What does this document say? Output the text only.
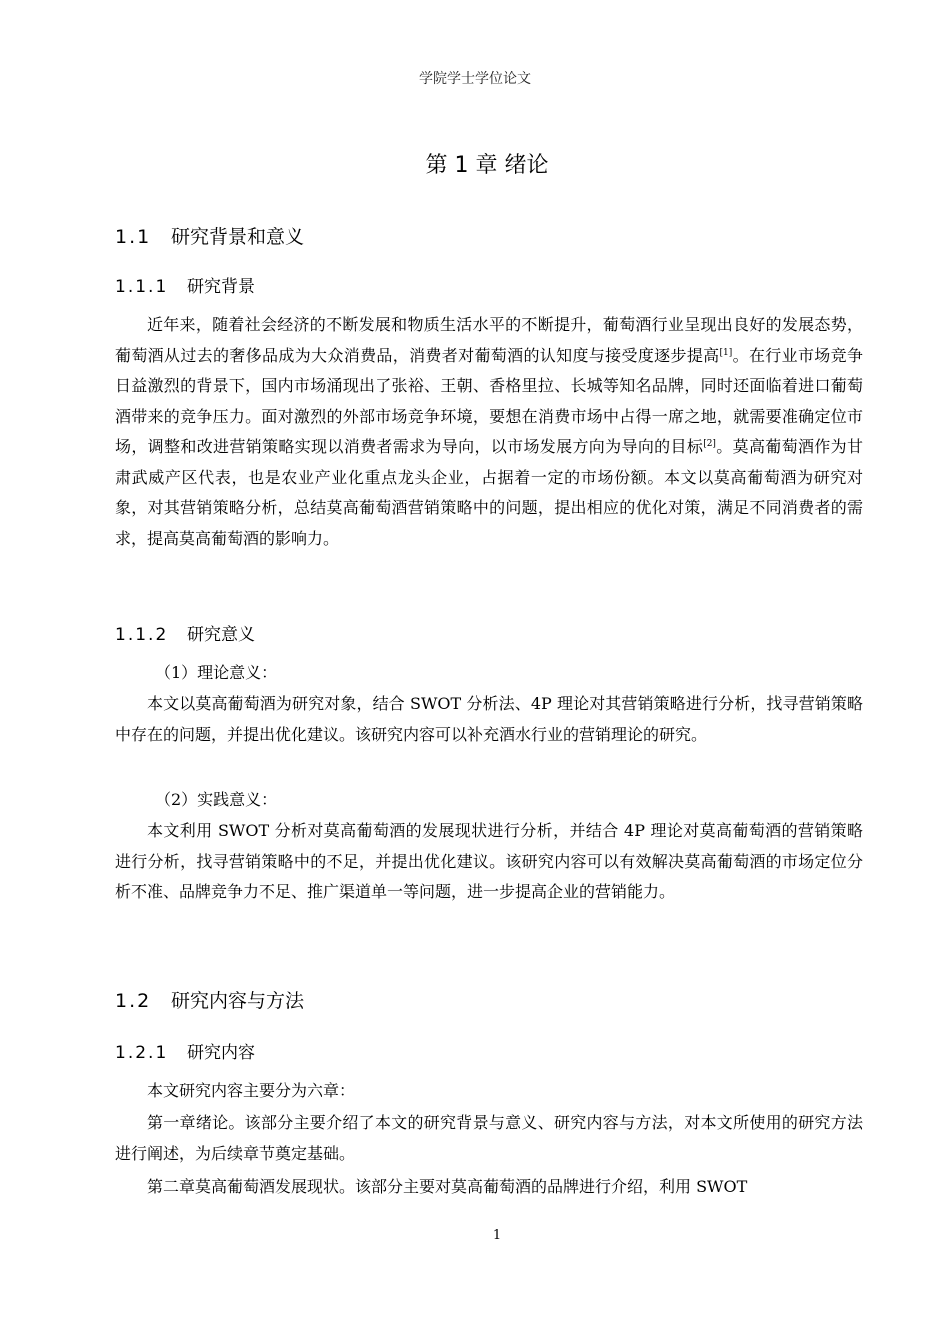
学院学士学位论文
第 1 章 绪论
1.1 研究背景和意义
1.1.1 研究背景

近年来，随着社会经济的不断发展和物质生活水平的不断提升，葡萄酒行业呈现出良好的发展态势，葡萄酒从过去的奢侈品成为大众消费品，消费者对葡萄酒的认知度与接受度逐步提高[1]。在行业市场竞争日益激烈的背景下，国内市场涌现出了张裕、王朝、香格里拉、长城等知名品牌，同时还面临着进口葡萄酒带来的竞争压力。面对激烈的外部市场竞争环境，要想在消费市场中占得一席之地，就需要准确定位市场，调整和改进营销策略实现以消费者需求为导向，以市场发展方向为导向的目标[2]。莫高葡萄酒作为甘肃武威产区代表，也是农业产业化重点龙头企业，占据着一定的市场份额。本文以莫高葡萄酒为研究对象，对其营销策略分析，总结莫高葡萄酒营销策略中的问题，提出相应的优化对策，满足不同消费者的需求，提高莫高葡萄酒的影响力。

1.1.2 研究意义

（1）理论意义：

本文以莫高葡萄酒为研究对象，结合 SWOT 分析法、4P 理论对其营销策略进行分析，找寻营销策略中存在的问题，并提出优化建议。该研究内容可以补充酒水行业的营销理论的研究。

（2）实践意义：

本文利用 SWOT 分析对莫高葡萄酒的发展现状进行分析，并结合 4P 理论对莫高葡萄酒的营销策略进行分析，找寻营销策略中的不足，并提出优化建议。该研究内容可以有效解决莫高葡萄酒的市场定位分析不准、品牌竞争力不足、推广渠道单一等问题，进一步提高企业的营销能力。

1.2 研究内容与方法
1.2.1 研究内容

本文研究内容主要分为六章：

第一章绪论。该部分主要介绍了本文的研究背景与意义、研究内容与方法，对本文所使用的研究方法进行阐述，为后续章节奠定基础。

第二章莫高葡萄酒发展现状。该部分主要对莫高葡萄酒的品牌进行介绍，利用 SWOT

1
